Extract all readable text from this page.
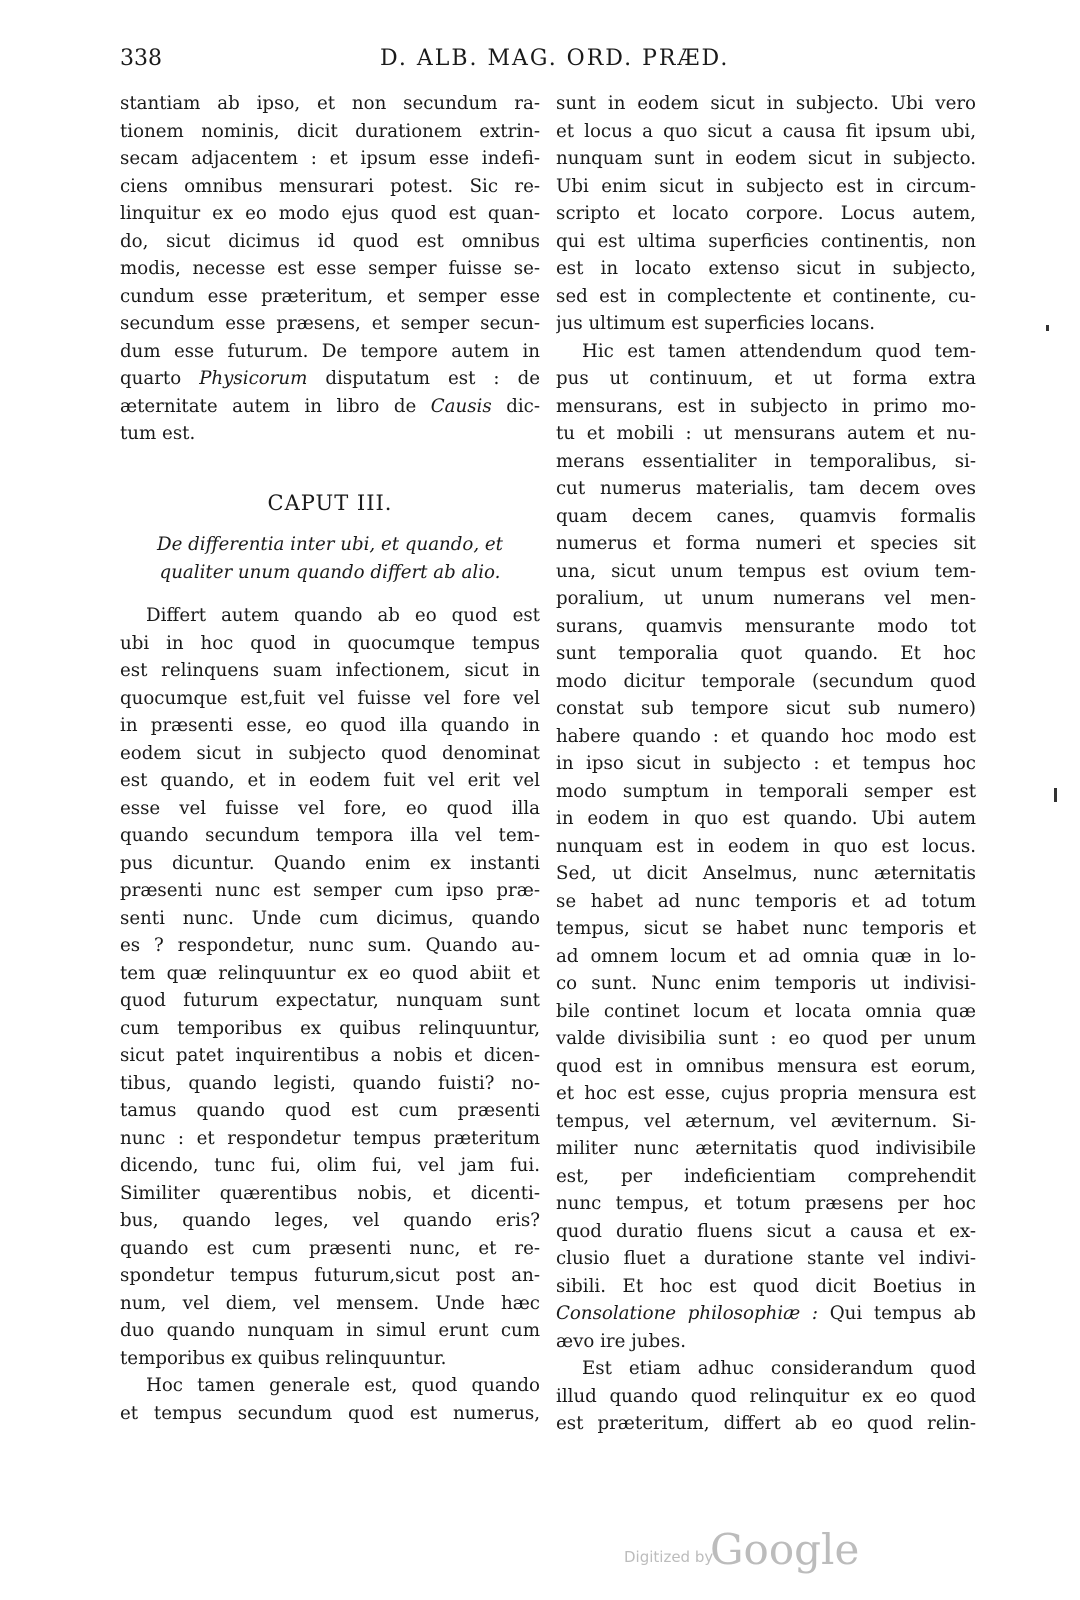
338	D. ALB. MAG. ORD. PRÆD.
stantiam ab ipso, et non secundum ra-
tionem nominis, dicit durationem extrin-
secam adjacentem : et ipsum esse indefi-
ciens omnibus mensurari potest. Sic re-
linquitur ex eo modo ejus quod est quan-
do, sicut dicimus id quod est omnibus
modis, necesse est esse semper fuisse se-
cundum esse præteritum, et semper esse
secundum esse præsens, et semper secun-
dum esse futurum. De tempore autem in
quarto Physicorum disputatum est : de
æternitate autem in libro de Causis dic-
tum est.
CAPUT III.
De differentia inter ubi, et quando, et
qualiter unum quando differt ab alio.
Differt autem quando ab eo quod est
ubi in hoc quod in quocumque tempus
est relinquens suam infectionem, sicut in
quocumque est,fuit vel fuisse vel fore vel
in præsenti esse, eo quod illa quando in
eodem sicut in subjecto quod denominat
est quando, et in eodem fuit vel erit vel
esse vel fuisse vel fore, eo quod illa
quando secundum tempora illa vel tem-
pus dicuntur. Quando enim ex instanti
præsenti nunc est semper cum ipso præ-
senti nunc. Unde cum dicimus, quando
es ? respondetur, nunc sum. Quando au-
tem quæ relinquuntur ex eo quod abiit et
quod futurum expectatur, nunquam sunt
cum temporibus ex quibus relinquuntur,
sicut patet inquirentibus a nobis et dicen-
tibus, quando legisti, quando fuisti? no-
tamus quando quod est cum præsenti
nunc : et respondetur tempus præteritum
dicendo, tunc fui, olim fui, vel jam fui.
Similiter quærentibus nobis, et dicenti-
bus, quando leges, vel quando eris?
quando est cum præsenti nunc, et re-
spondetur tempus futurum,sicut post an-
num, vel diem, vel mensem. Unde hæc
duo quando nunquam in simul erunt cum
temporibus ex quibus relinquuntur.
Hoc tamen generale est, quod quando
et tempus secundum quod est numerus,
sunt in eodem sicut in subjecto. Ubi vero
et locus a quo sicut a causa fit ipsum ubi,
nunquam sunt in eodem sicut in subjecto.
Ubi enim sicut in subjecto est in circum-
scripto et locato corpore. Locus autem,
qui est ultima superficies continentis, non
est in locato extenso sicut in subjecto,
sed est in complectente et continente, cu-
jus ultimum est superficies locans.
Hic est tamen attendendum quod tem-
pus ut continuum, et ut forma extra
mensurans, est in subjecto in primo mo-
tu et mobili : ut mensurans autem et nu-
merans essentialiter in temporalibus, si-
cut numerus materialis, tam decem oves
quam decem canes, quamvis formalis
numerus et forma numeri et species sit
una, sicut unum tempus est ovium tem-
poralium, ut unum numerans vel men-
surans, quamvis mensurante modo tot
sunt temporalia quot quando. Et hoc
modo dicitur temporale (secundum quod
constat sub tempore sicut sub numero)
habere quando : et quando hoc modo est
in ipso sicut in subjecto : et tempus hoc
modo sumptum in temporali semper est
in eodem in quo est quando. Ubi autem
nunquam est in eodem in quo est locus.
Sed, ut dicit Anselmus, nunc æternitatis
se habet ad nunc temporis et ad totum
tempus, sicut se habet nunc temporis et
ad omnem locum et ad omnia quæ in lo-
co sunt. Nunc enim temporis ut indivisi-
bile continet locum et locata omnia quæ
valde divisibilia sunt : eo quod per unum
quod est in omnibus mensura est eorum,
et hoc est esse, cujus propria mensura est
tempus, vel æternum, vel æviternum. Si-
militer nunc æternitatis quod indivisibile
est, per indeficientiam comprehendit
nunc tempus, et totum præsens per hoc
quod duratio fluens sicut a causa et ex-
clusio fluet a duratione stante vel indivi-
sibili. Et hoc est quod dicit Boetius in
Consolatione philosophiæ : Qui tempus ab
ævo ire jubes.
Est etiam adhuc considerandum quod
illud quando quod relinquitur ex eo quod
est præteritum, differt ab eo quod relin-
Digitized by
Google
